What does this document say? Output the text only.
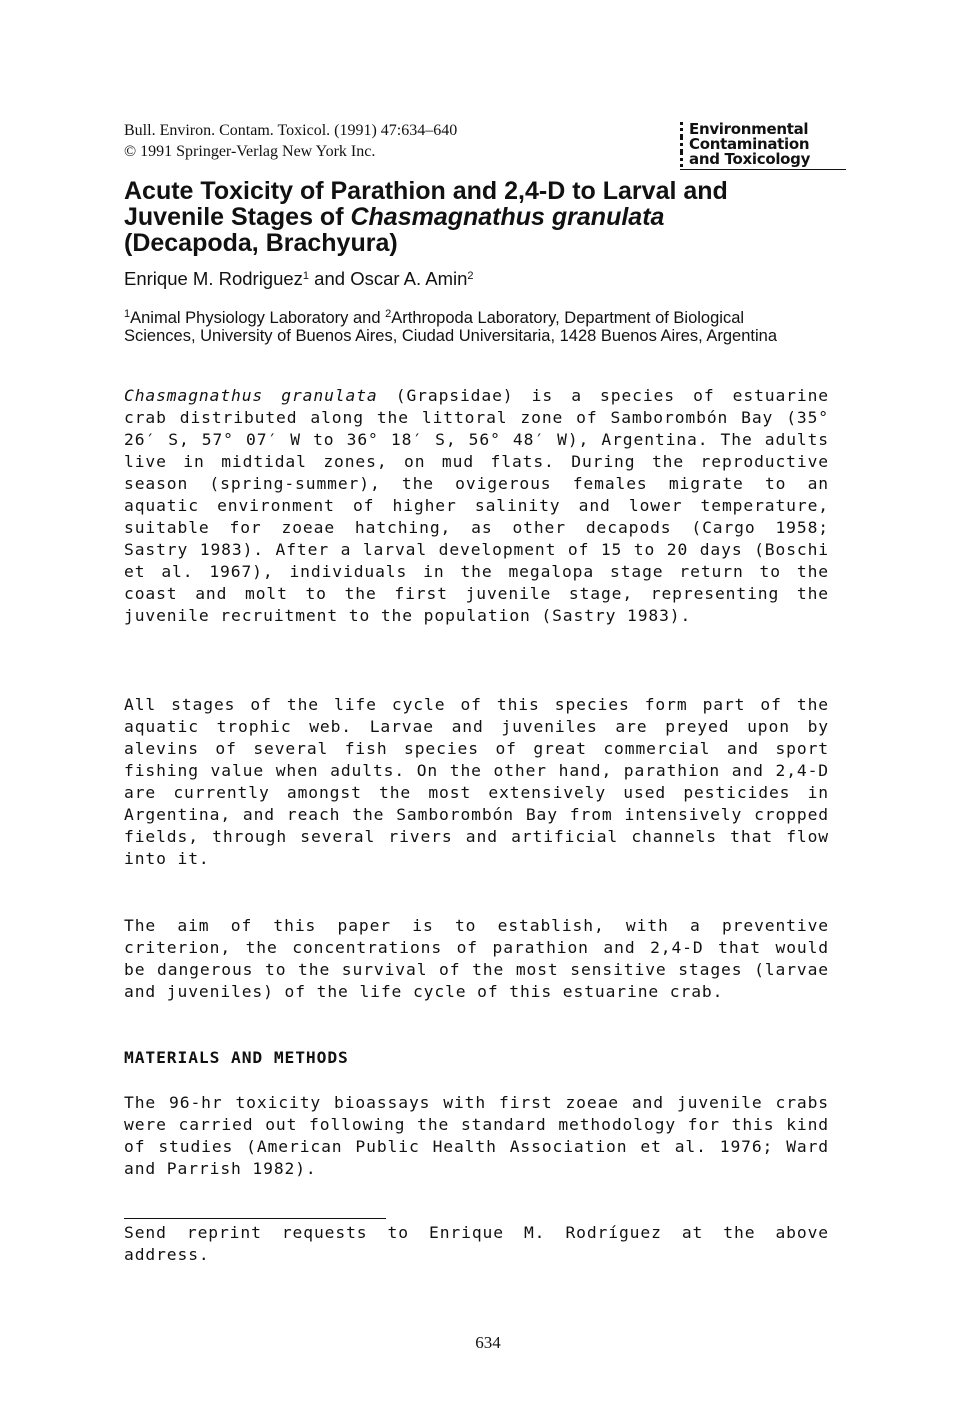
Bull. Environ. Contam. Toxicol. (1991) 47:634–640
© 1991 Springer-Verlag New York Inc.
Environmental
Contamination
and Toxicology
Acute Toxicity of Parathion and 2,4-D to Larval and Juvenile Stages of Chasmagnathus granulata (Decapoda, Brachyura)
Enrique M. Rodriguez$^1$ and Oscar A. Amin$^2$
$^1$Animal Physiology Laboratory and $^2$Arthropoda Laboratory, Department of Biological Sciences, University of Buenos Aires, Ciudad Universitaria, 1428 Buenos Aires, Argentina

Chasmagnathus granulata (Grapsidae) is a species of estuarine crab distributed along the littoral zone of Samborombón Bay (35° 26′ S, 57° 07′ W to 36° 18′ S, 56° 48′ W), Argentina. The adults live in midtidal zones, on mud flats. During the reproductive season (spring-summer), the ovigerous females migrate to an aquatic environment of higher salinity and lower temperature, suitable for zoeae hatching, as other decapods (Cargo 1958; Sastry 1983). After a larval development of 15 to 20 days (Boschi et al. 1967), individuals in the megalopa stage return to the coast and molt to the first juvenile stage, representing the juvenile recruitment to the population (Sastry 1983).

All stages of the life cycle of this species form part of the aquatic trophic web. Larvae and juveniles are preyed upon by alevins of several fish species of great commercial and sport fishing value when adults. On the other hand, parathion and 2,4-D are currently amongst the most extensively used pesticides in Argentina, and reach the Samborombón Bay from intensively cropped fields, through several rivers and artificial channels that flow into it.

The aim of this paper is to establish, with a preventive criterion, the concentrations of parathion and 2,4-D that would be dangerous to the survival of the most sensitive stages (larvae and juveniles) of the life cycle of this estuarine crab.

MATERIALS AND METHODS

The 96-hr toxicity bioassays with first zoeae and juvenile crabs were carried out following the standard methodology for this kind of studies (American Public Health Association et al. 1976; Ward and Parrish 1982).

Send reprint requests to Enrique M. Rodríguez at the above address.

634
